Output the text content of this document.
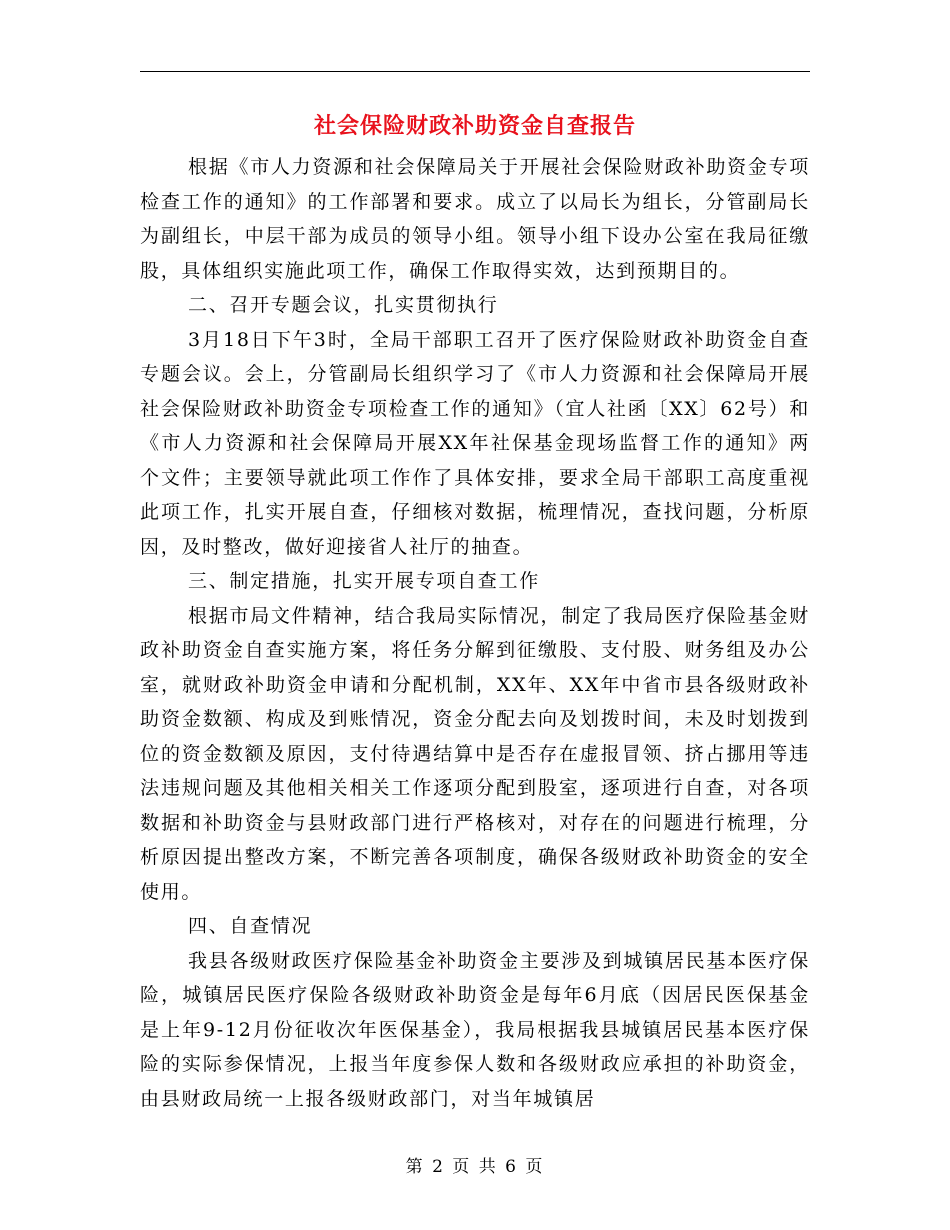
社会保险财政补助资金自查报告

根据《市人力资源和社会保障局关于开展社会保险财政补助资金专项检查工作的通知》的工作部署和要求。成立了以局长为组长，分管副局长为副组长，中层干部为成员的领导小组。领导小组下设办公室在我局征缴股，具体组织实施此项工作，确保工作取得实效，达到预期目的。

二、召开专题会议，扎实贯彻执行

3月18日下午3时，全局干部职工召开了医疗保险财政补助资金自查专题会议。会上，分管副局长组织学习了《市人力资源和社会保障局开展社会保险财政补助资金专项检查工作的通知》（宜人社函〔XX〕62号）和《市人力资源和社会保障局开展XX年社保基金现场监督工作的通知》两个文件；主要领导就此项工作作了具体安排，要求全局干部职工高度重视此项工作，扎实开展自查，仔细核对数据，梳理情况，查找问题，分析原因，及时整改，做好迎接省人社厅的抽查。

三、制定措施，扎实开展专项自查工作

根据市局文件精神，结合我局实际情况，制定了我局医疗保险基金财政补助资金自查实施方案，将任务分解到征缴股、支付股、财务组及办公室，就财政补助资金申请和分配机制，XX年、XX年中省市县各级财政补助资金数额、构成及到账情况，资金分配去向及划拨时间，未及时划拨到位的资金数额及原因，支付待遇结算中是否存在虚报冒领、挤占挪用等违法违规问题及其他相关相关工作逐项分配到股室，逐项进行自查，对各项数据和补助资金与县财政部门进行严格核对，对存在的问题进行梳理，分析原因提出整改方案，不断完善各项制度，确保各级财政补助资金的安全使用。

四、自查情况

我县各级财政医疗保险基金补助资金主要涉及到城镇居民基本医疗保险，城镇居民医疗保险各级财政补助资金是每年6月底（因居民医保基金是上年9-12月份征收次年医保基金），我局根据我县城镇居民基本医疗保险的实际参保情况，上报当年度参保人数和各级财政应承担的补助资金，由县财政局统一上报各级财政部门，对当年城镇居

第 2 页 共 6 页
